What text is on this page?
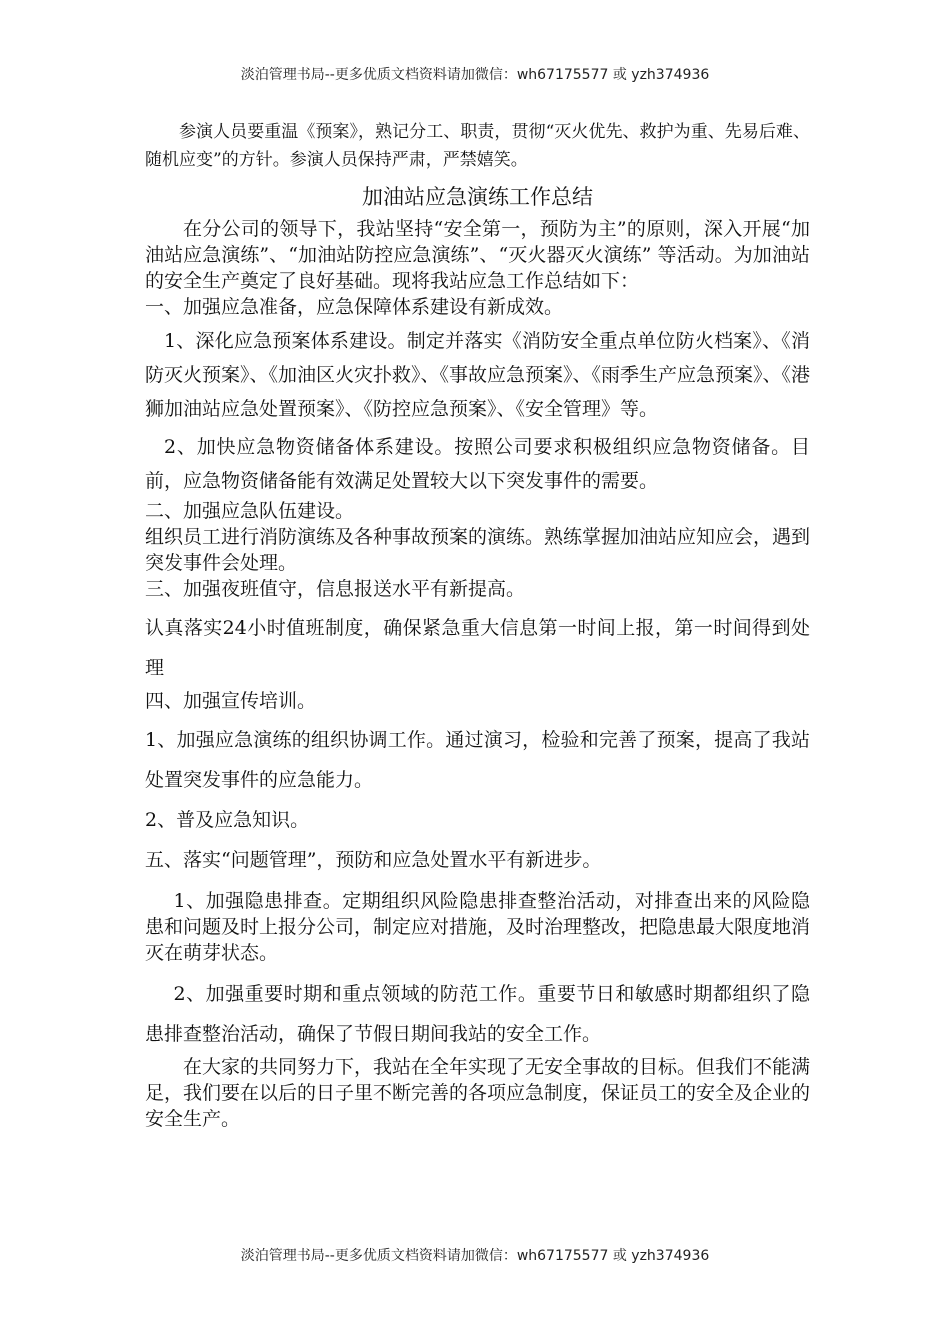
淡泊管理书局--更多优质文档资料请加微信：wh67175577 或 yzh374936

参演人员要重温《预案》，熟记分工、职责，贯彻“灭火优先、救护为重、先易后难、随机应变”的方针。参演人员保持严肃，严禁嬉笑。

加油站应急演练工作总结

在分公司的领导下，我站坚持“安全第一，预防为主”的原则，深入开展“加油站应急演练”、“加油站防控应急演练”、“灭火器灭火演练” 等活动。为加油站的安全生产奠定了良好基础。现将我站应急工作总结如下：

一、加强应急准备，应急保障体系建设有新成效。

1、深化应急预案体系建设。制定并落实《消防安全重点单位防火档案》、《消防灭火预案》、《加油区火灾扑救》、《事故应急预案》、《雨季生产应急预案》、《港狮加油站应急处置预案》、《防控应急预案》、《安全管理》等。

2、加快应急物资储备体系建设。按照公司要求积极组织应急物资储备。目前，应急物资储备能有效满足处置较大以下突发事件的需要。

二、加强应急队伍建设。

组织员工进行消防演练及各种事故预案的演练。熟练掌握加油站应知应会，遇到突发事件会处理。

三、加强夜班值守，信息报送水平有新提高。

认真落实24小时值班制度，确保紧急重大信息第一时间上报，第一时间得到处理

四、加强宣传培训。

1、加强应急演练的组织协调工作。通过演习，检验和完善了预案，提高了我站处置突发事件的应急能力。

2、普及应急知识。

五、落实“问题管理”，预防和应急处置水平有新进步。

1、加强隐患排查。定期组织风险隐患排查整治活动，对排查出来的风险隐患和问题及时上报分公司，制定应对措施，及时治理整改，把隐患最大限度地消灭在萌芽状态。

2、加强重要时期和重点领域的防范工作。重要节日和敏感时期都组织了隐患排查整治活动，确保了节假日期间我站的安全工作。

在大家的共同努力下，我站在全年实现了无安全事故的目标。但我们不能满足，我们要在以后的日子里不断完善的各项应急制度，保证员工的安全及企业的安全生产。

淡泊管理书局--更多优质文档资料请加微信：wh67175577 或 yzh374936
